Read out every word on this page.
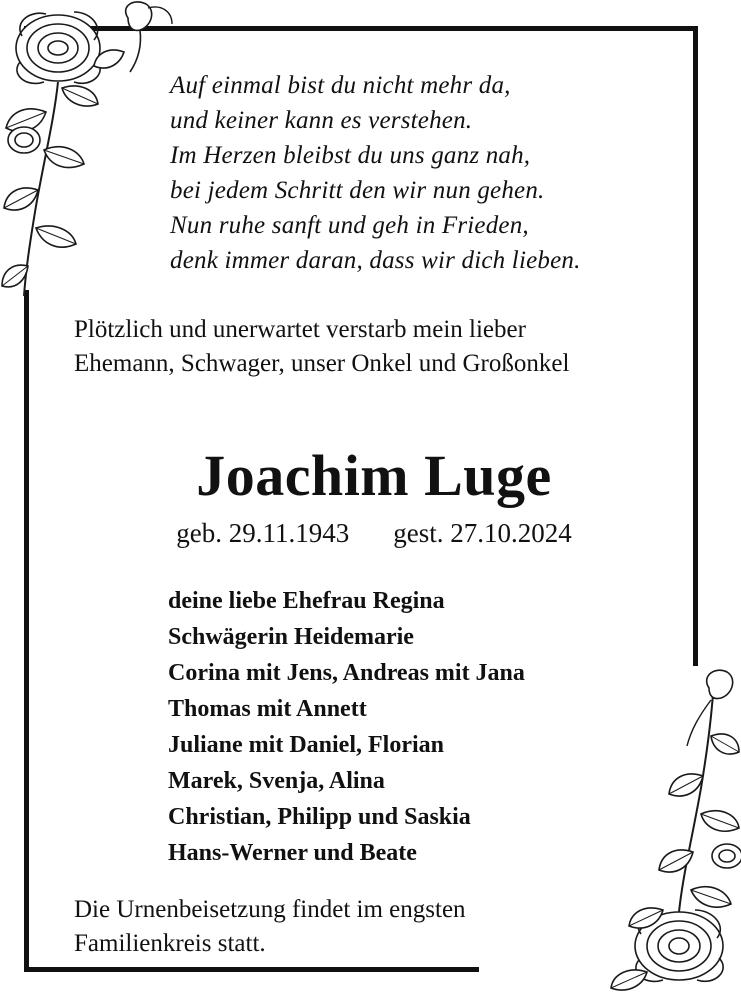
Auf einmal bist du nicht mehr da,
und keiner kann es verstehen.
Im Herzen bleibst du uns ganz nah,
bei jedem Schritt den wir nun gehen.
Nun ruhe sanft und geh in Frieden,
denk immer daran, dass wir dich lieben.
Plötzlich und unerwartet verstarb mein lieber Ehemann, Schwager, unser Onkel und Großonkel
Joachim Luge
geb. 29.11.1943 gest. 27.10.2024
deine liebe Ehefrau Regina
Schwägerin Heidemarie
Corina mit Jens, Andreas mit Jana
Thomas mit Annett
Juliane mit Daniel, Florian
Marek, Svenja, Alina
Christian, Philipp und Saskia
Hans-Werner und Beate
Die Urnenbeisetzung findet im engsten Familienkreis statt.
